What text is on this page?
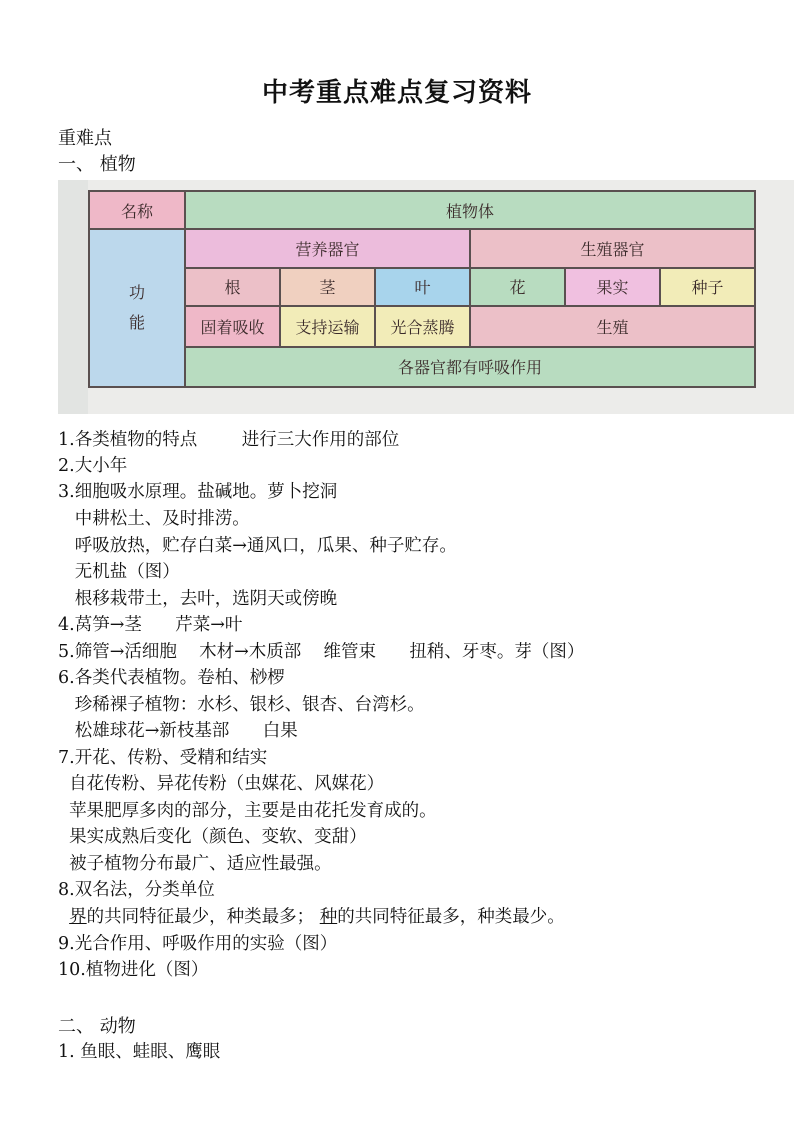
中考重点难点复习资料
重难点
一、 植物
名称	植物体					
功
能	营养器官			生殖器官		
	根	茎	叶	花	果实	种子
	固着吸收	支持运输	光合蒸腾	生殖		
	各器官都有呼吸作用					
1.各类植物的特点        进行三大作用的部位
2.大小年
3.细胞吸水原理。盐碱地。萝卜挖洞
中耕松土、及时排涝。
呼吸放热，贮存白菜→通风口，瓜果、种子贮存。
无机盐（图）
根移栽带土，去叶，选阴天或傍晚
4.莴笋→茎      芹菜→叶
5.筛管→活细胞    木材→木质部    维管束      扭稍、牙枣。芽（图）
6.各类代表植物。卷柏、桫椤
珍稀裸子植物：水杉、银杉、银杏、台湾杉。
松雄球花→新枝基部      白果
7.开花、传粉、受精和结实
自花传粉、异花传粉（虫媒花、风媒花）
苹果肥厚多肉的部分，主要是由花托发育成的。
果实成熟后变化（颜色、变软、变甜）
被子植物分布最广、适应性最强。
8.双名法，分类单位
界的共同特征最少，种类最多； 种的共同特征最多，种类最少。
9.光合作用、呼吸作用的实验（图）
10.植物进化（图）
二、 动物
1. 鱼眼、蛙眼、鹰眼
